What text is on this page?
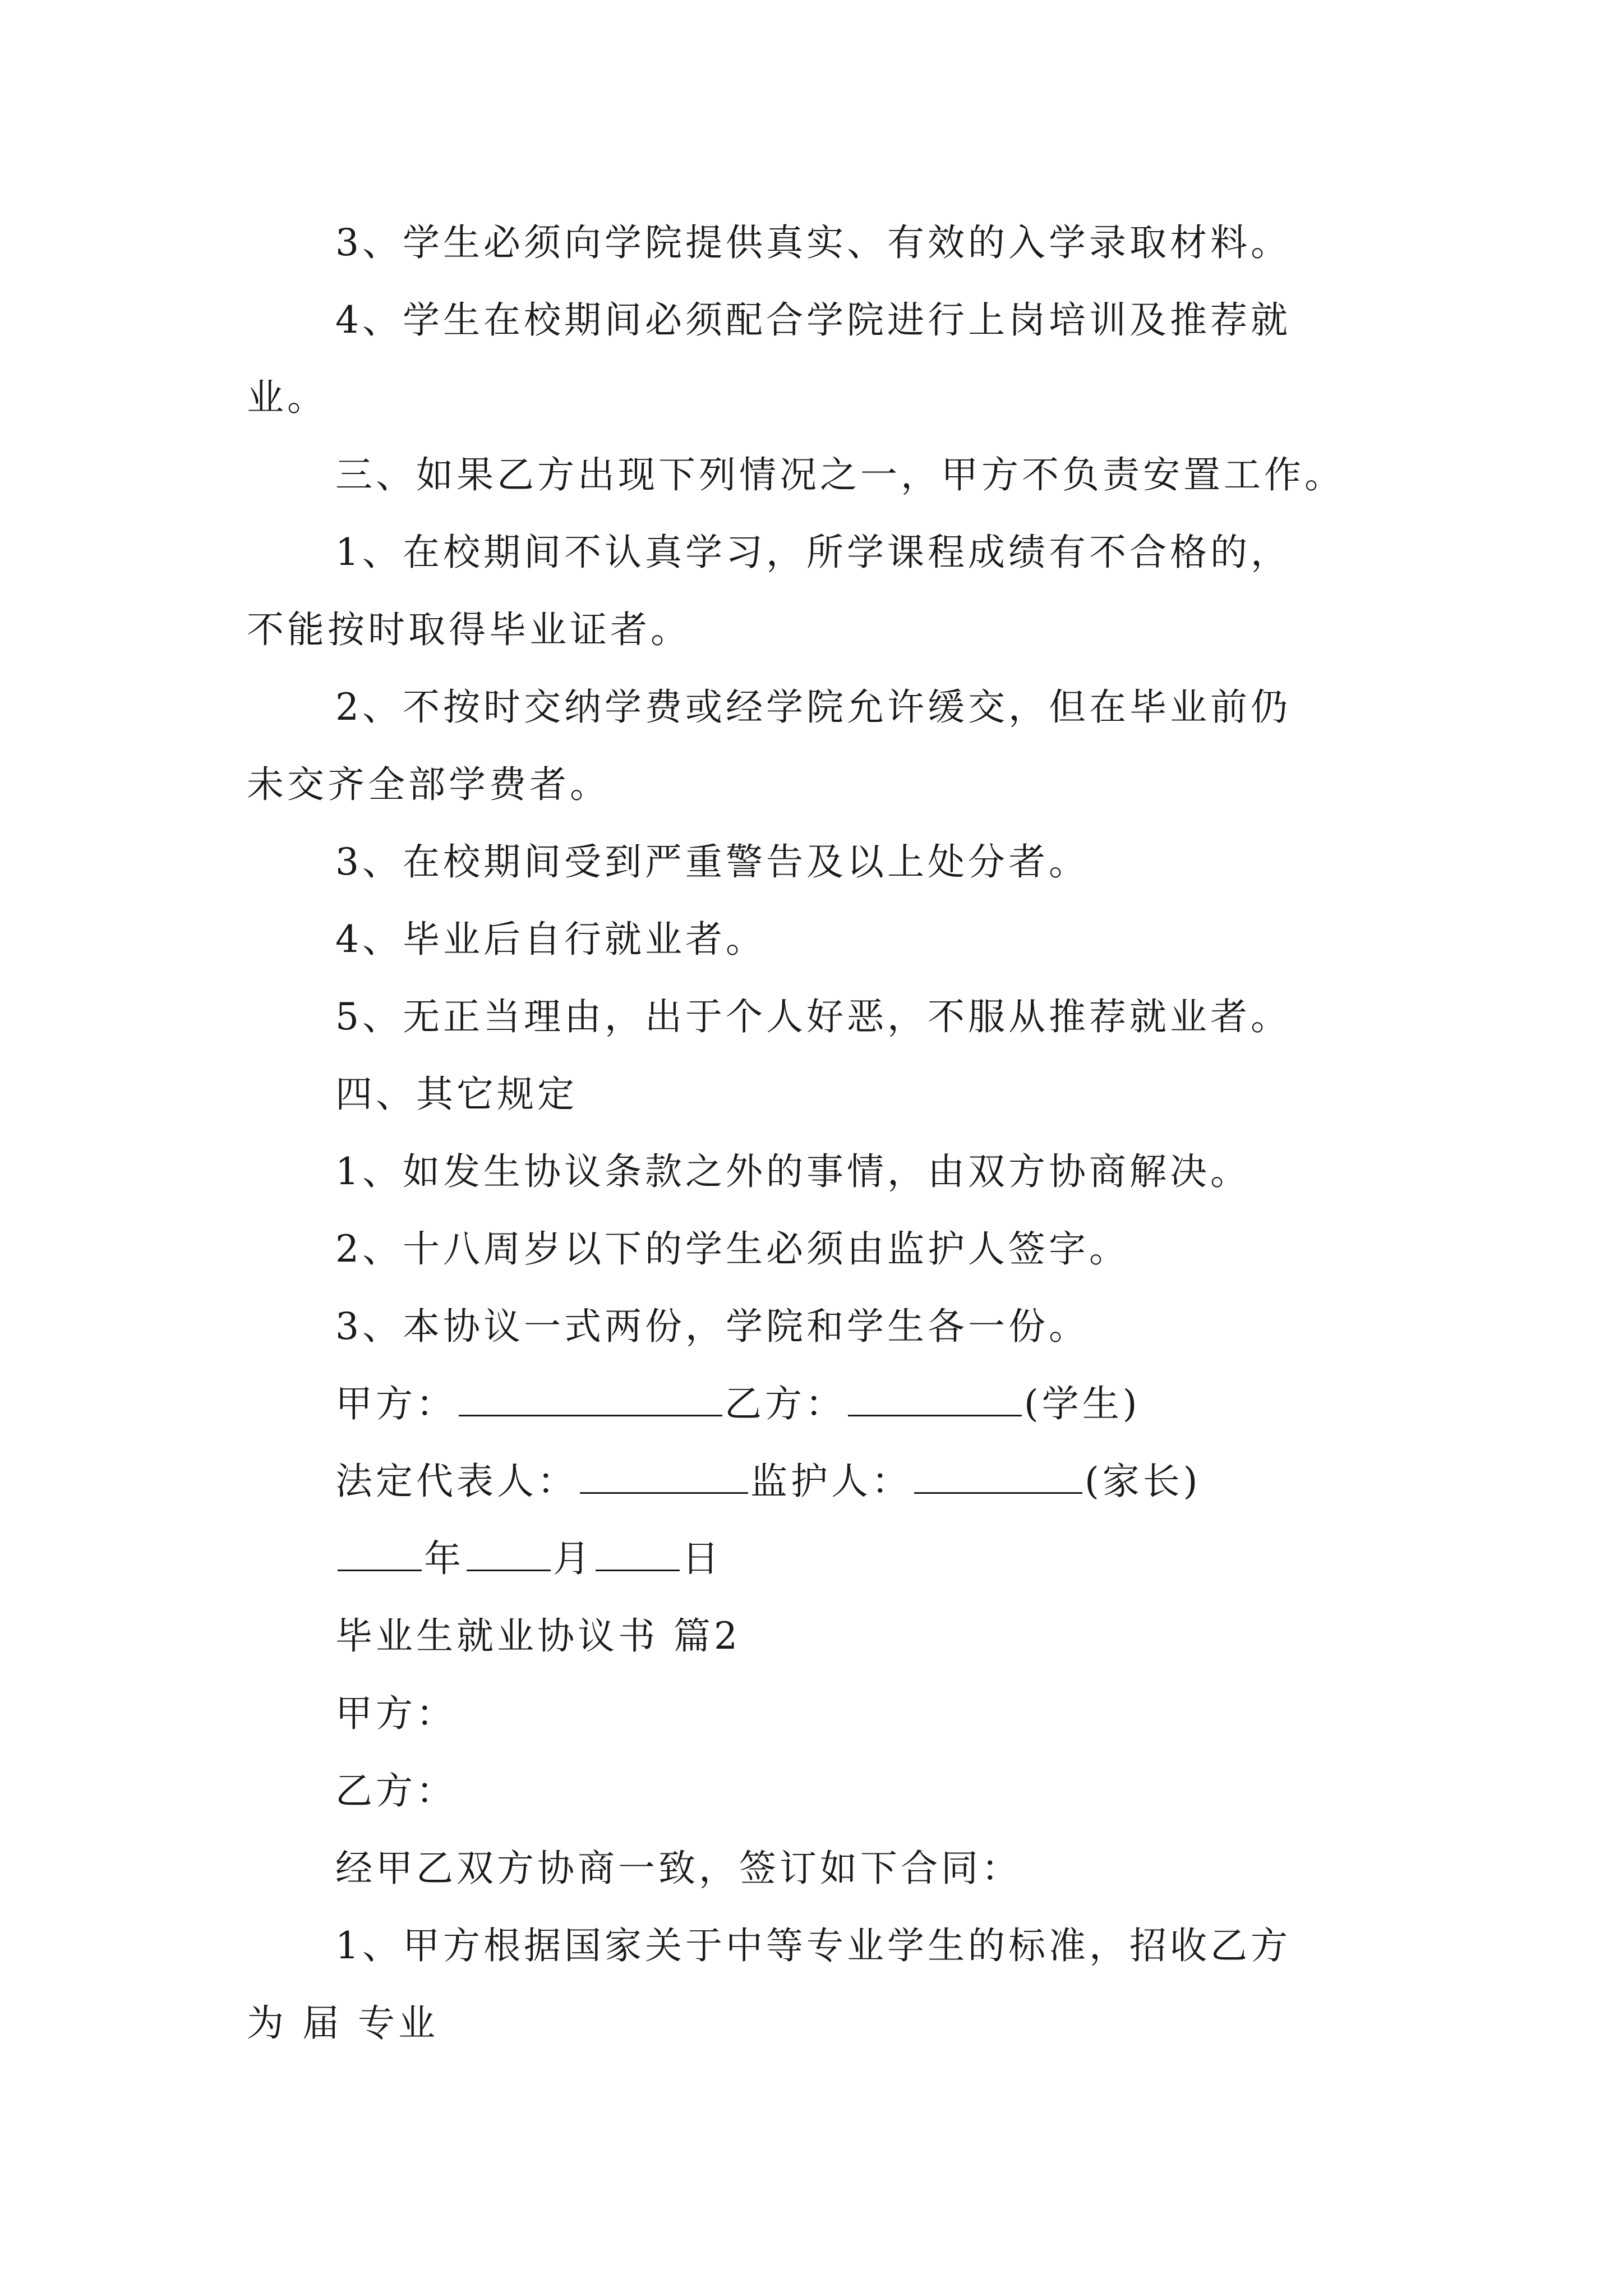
3、学生必须向学院提供真实、有效的入学录取材料。
4、学生在校期间必须配合学院进行上岗培训及推荐就
业。
三、如果乙方出现下列情况之一，甲方不负责安置工作。
1、在校期间不认真学习，所学课程成绩有不合格的，
不能按时取得毕业证者。
2、不按时交纳学费或经学院允许缓交，但在毕业前仍
未交齐全部学费者。
3、在校期间受到严重警告及以上处分者。
4、毕业后自行就业者。
5、无正当理由，出于个人好恶，不服从推荐就业者。
四、其它规定
1、如发生协议条款之外的事情，由双方协商解决。
2、十八周岁以下的学生必须由监护人签字。
3、本协议一式两份，学院和学生各一份。
甲方：	乙方：	(学生)
法定代表人：	监护人：	(家长)
年 月 日
毕业生就业协议书 篇2
甲方：
乙方：
经甲乙双方协商一致，签订如下合同：
1、甲方根据国家关于中等专业学生的标准，招收乙方
为 届 专业
